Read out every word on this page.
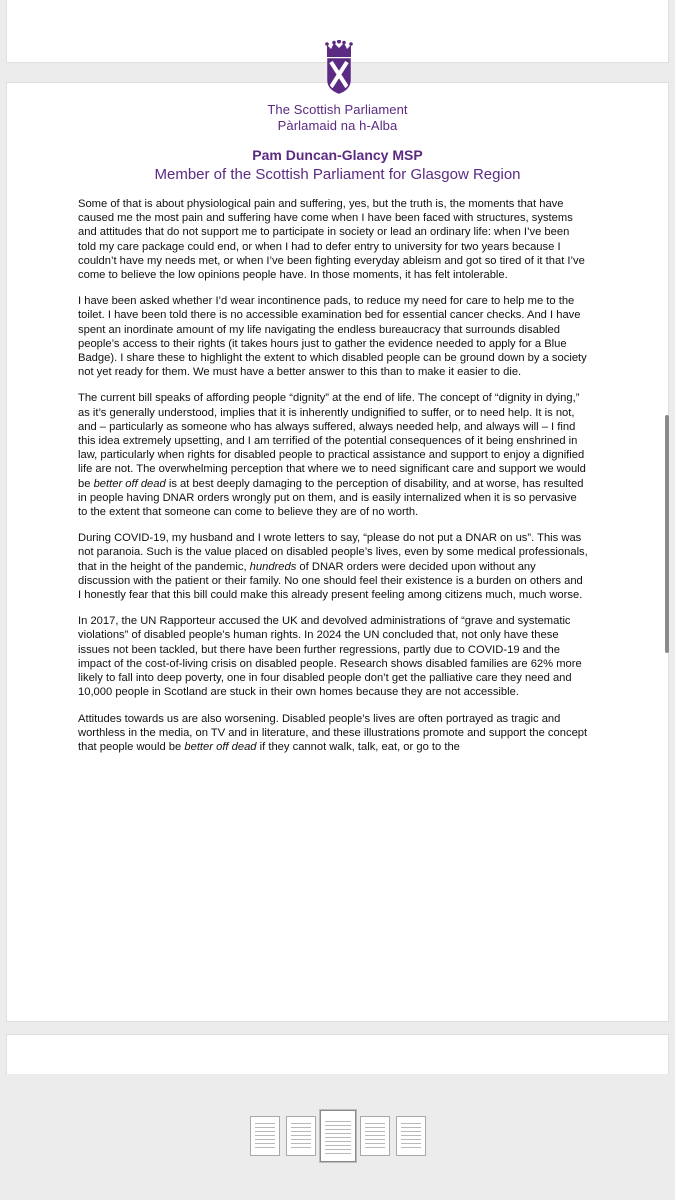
The Scottish Parliament
Pàrlamaid na h-Alba
Pam Duncan-Glancy MSP
Member of the Scottish Parliament for Glasgow Region

Some of that is about physiological pain and suffering, yes, but the truth is, the moments that have caused me the most pain and suffering have come when I have been faced with structures, systems and attitudes that do not support me to participate in society or lead an ordinary life: when I’ve been told my care package could end, or when I had to defer entry to university for two years because I couldn’t have my needs met, or when I’ve been fighting everyday ableism and got so tired of it that I’ve come to believe the low opinions people have. In those moments, it has felt intolerable.

I have been asked whether I’d wear incontinence pads, to reduce my need for care to help me to the toilet. I have been told there is no accessible examination bed for essential cancer checks. And I have spent an inordinate amount of my life navigating the endless bureaucracy that surrounds disabled people’s access to their rights (it takes hours just to gather the evidence needed to apply for a Blue Badge). I share these to highlight the extent to which disabled people can be ground down by a society not yet ready for them. We must have a better answer to this than to make it easier to die.

The current bill speaks of affording people “dignity” at the end of life. The concept of “dignity in dying,” as it’s generally understood, implies that it is inherently undignified to suffer, or to need help. It is not, and – particularly as someone who has always suffered, always needed help, and always will – I find this idea extremely upsetting, and I am terrified of the potential consequences of it being enshrined in law, particularly when rights for disabled people to practical assistance and support to enjoy a dignified life are not. The overwhelming perception that where we to need significant care and support we would be better off dead is at best deeply damaging to the perception of disability, and at worse, has resulted in people having DNAR orders wrongly put on them, and is easily internalized when it is so pervasive to the extent that someone can come to believe they are of no worth.

During COVID-19, my husband and I wrote letters to say, “please do not put a DNAR on us”. This was not paranoia. Such is the value placed on disabled people’s lives, even by some medical professionals, that in the height of the pandemic, hundreds of DNAR orders were decided upon without any discussion with the patient or their family. No one should feel their existence is a burden on others and I honestly fear that this bill could make this already present feeling among citizens much, much worse.

In 2017, the UN Rapporteur accused the UK and devolved administrations of “grave and systematic violations” of disabled people’s human rights. In 2024 the UN concluded that, not only have these issues not been tackled, but there have been further regressions, partly due to COVID-19 and the impact of the cost-of-living crisis on disabled people. Research shows disabled families are 62% more likely to fall into deep poverty, one in four disabled people don’t get the palliative care they need and 10,000 people in Scotland are stuck in their own homes because they are not accessible.

Attitudes towards us are also worsening. Disabled people’s lives are often portrayed as tragic and worthless in the media, on TV and in literature, and these illustrations promote and support the concept that people would be better off dead if they cannot walk, talk, eat, or go to the
